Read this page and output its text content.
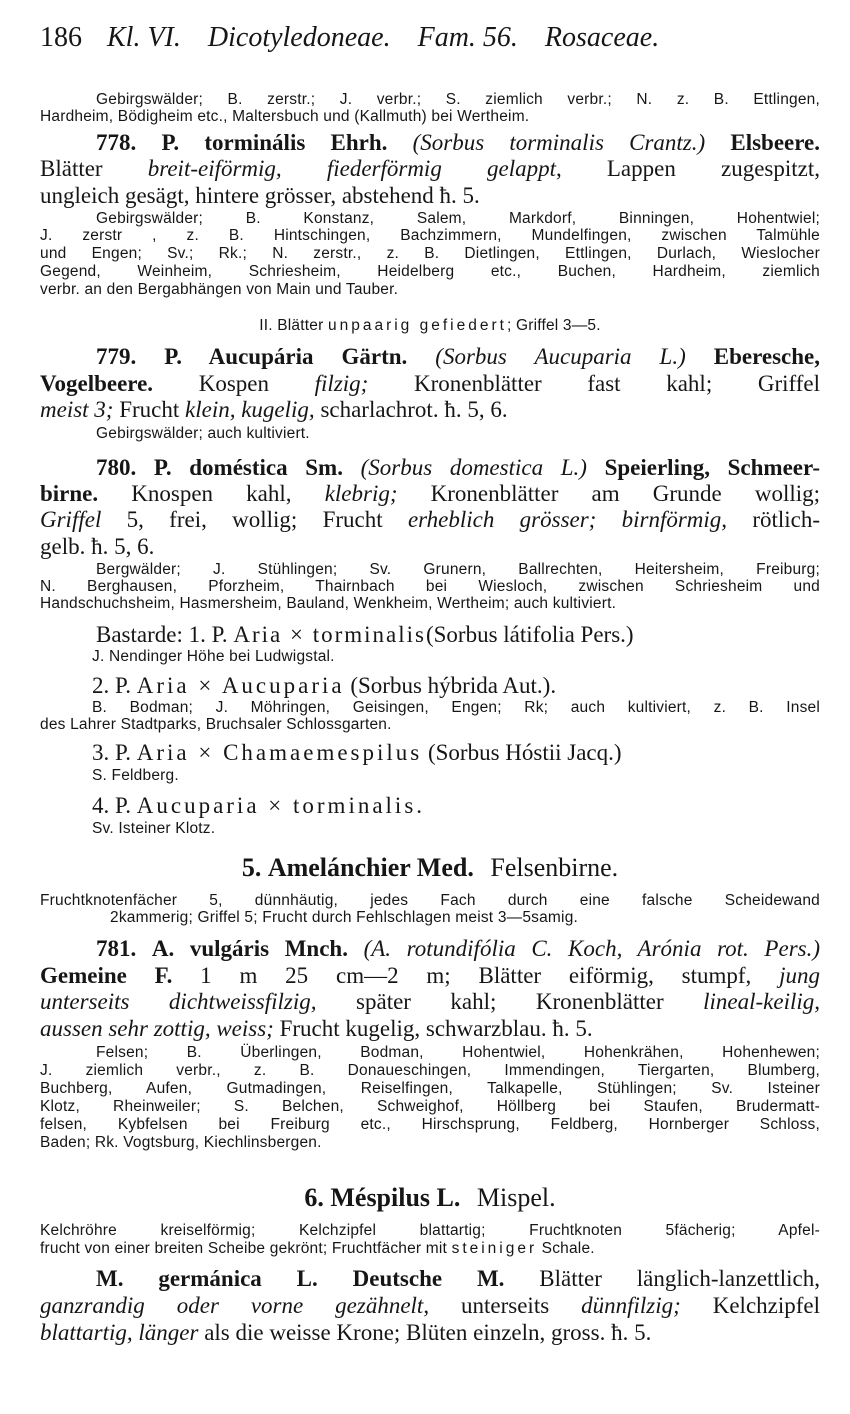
186 Kl. VI. Dicotyledoneae. Fam. 56. Rosaceae.

Gebirgswälder; B. zerstr.; J. verbr.; S. ziemlich verbr.; N. z. B. Ettlingen,

Hardheim, Bödigheim etc., Maltersbuch und (Kallmuth) bei Wertheim.

778. P. torminális Ehrh. (Sorbus torminalis Crantz.) Elsbeere.
Blätter breit-eiförmig, fiederförmig gelappt, Lappen zugespitzt,

ungleich gesägt, hintere grösser, abstehend ħ. 5.

Gebirgswälder; B. Konstanz, Salem, Markdorf, Binningen, Hohentwiel;

J. zerstr , z. B. Hintschingen, Bachzimmern, Mundelfingen, zwischen Talmühle

und Engen; Sv.; Rk.; N. zerstr., z. B. Dietlingen, Ettlingen, Durlach, Wieslocher

Gegend, Weinheim, Schriesheim, Heidelberg etc., Buchen, Hardheim, ziemlich

verbr. an den Bergabhängen von Main und Tauber.

II. Blätter unpaarig gefiedert; Griffel 3—5.
779. P. Aucupária Gärtn. (Sorbus Aucuparia L.) Eberesche,
Vogelbeere. Kospen filzig; Kronenblätter fast kahl; Griffel
meist 3; Frucht klein, kugelig, scharlachrot. ħ. 5, 6.

Gebirgswälder; auch kultiviert.

780. P. doméstica Sm. (Sorbus domestica L.) Speierling, Schmeer-
birne. Knospen kahl, klebrig; Kronenblätter am Grunde wollig;
Griffel 5, frei, wollig; Frucht erheblich grösser; birnförmig, rötlich-

gelb. ħ. 5, 6.

Bergwälder; J. Stühlingen; Sv. Grunern, Ballrechten, Heitersheim, Freiburg;

N. Berghausen, Pforzheim, Thairnbach bei Wiesloch, zwischen Schriesheim und

Handschuchsheim, Hasmersheim, Bauland, Wenkheim, Wertheim; auch kultiviert.

Bastarde: 1. P. Aria × torminalis(Sorbus látifolia Pers.)

J. Nendinger Höhe bei Ludwigstal.

2. P. Aria × Aucuparia (Sorbus hýbrida Aut.).

B. Bodman; J. Möhringen, Geisingen, Engen; Rk; auch kultiviert, z. B. Insel

des Lahrer Stadtparks, Bruchsaler Schlossgarten.

3. P. Aria × Chamaemespilus (Sorbus Hóstii Jacq.)

S. Feldberg.

4. P. Aucuparia × torminalis.

Sv. Isteiner Klotz.

5. Amelánchier Med. Felsenbirne.

Fruchtknotenfächer 5, dünnhäutig, jedes Fach durch eine falsche Scheidewand

2kammerig; Griffel 5; Frucht durch Fehlschlagen meist 3—5samig.

781. A. vulgáris Mnch. (A. rotundifólia C. Koch, Arónia rot. Pers.)
Gemeine F. 1 m 25 cm—2 m; Blätter eiförmig, stumpf, jung
unterseits dichtweissfilzig, später kahl; Kronenblätter lineal-keilig,
aussen sehr zottig, weiss; Frucht kugelig, schwarzblau. ħ. 5.

Felsen; B. Überlingen, Bodman, Hohentwiel, Hohenkrähen, Hohenhewen;

J. ziemlich verbr., z. B. Donaueschingen, Immendingen, Tiergarten, Blumberg,

Buchberg, Aufen, Gutmadingen, Reiselfingen, Talkapelle, Stühlingen; Sv. Isteiner

Klotz, Rheinweiler; S. Belchen, Schweighof, Höllberg bei Staufen, Brudermatt-

felsen, Kybfelsen bei Freiburg etc., Hirschsprung, Feldberg, Hornberger Schloss,

Baden; Rk. Vogtsburg, Kiechlinsbergen.

6. Méspilus L. Mispel.

Kelchröhre kreiselförmig; Kelchzipfel blattartig; Fruchtknoten 5fächerig; Apfel-

frucht von einer breiten Scheibe gekrönt; Fruchtfächer mit steiniger Schale.
M. germánica L. Deutsche M. Blätter länglich-lanzettlich,
ganzrandig oder vorne gezähnelt, unterseits dünnfilzig; Kelchzipfel
blattartig, länger als die weisse Krone; Blüten einzeln, gross. ħ. 5.
